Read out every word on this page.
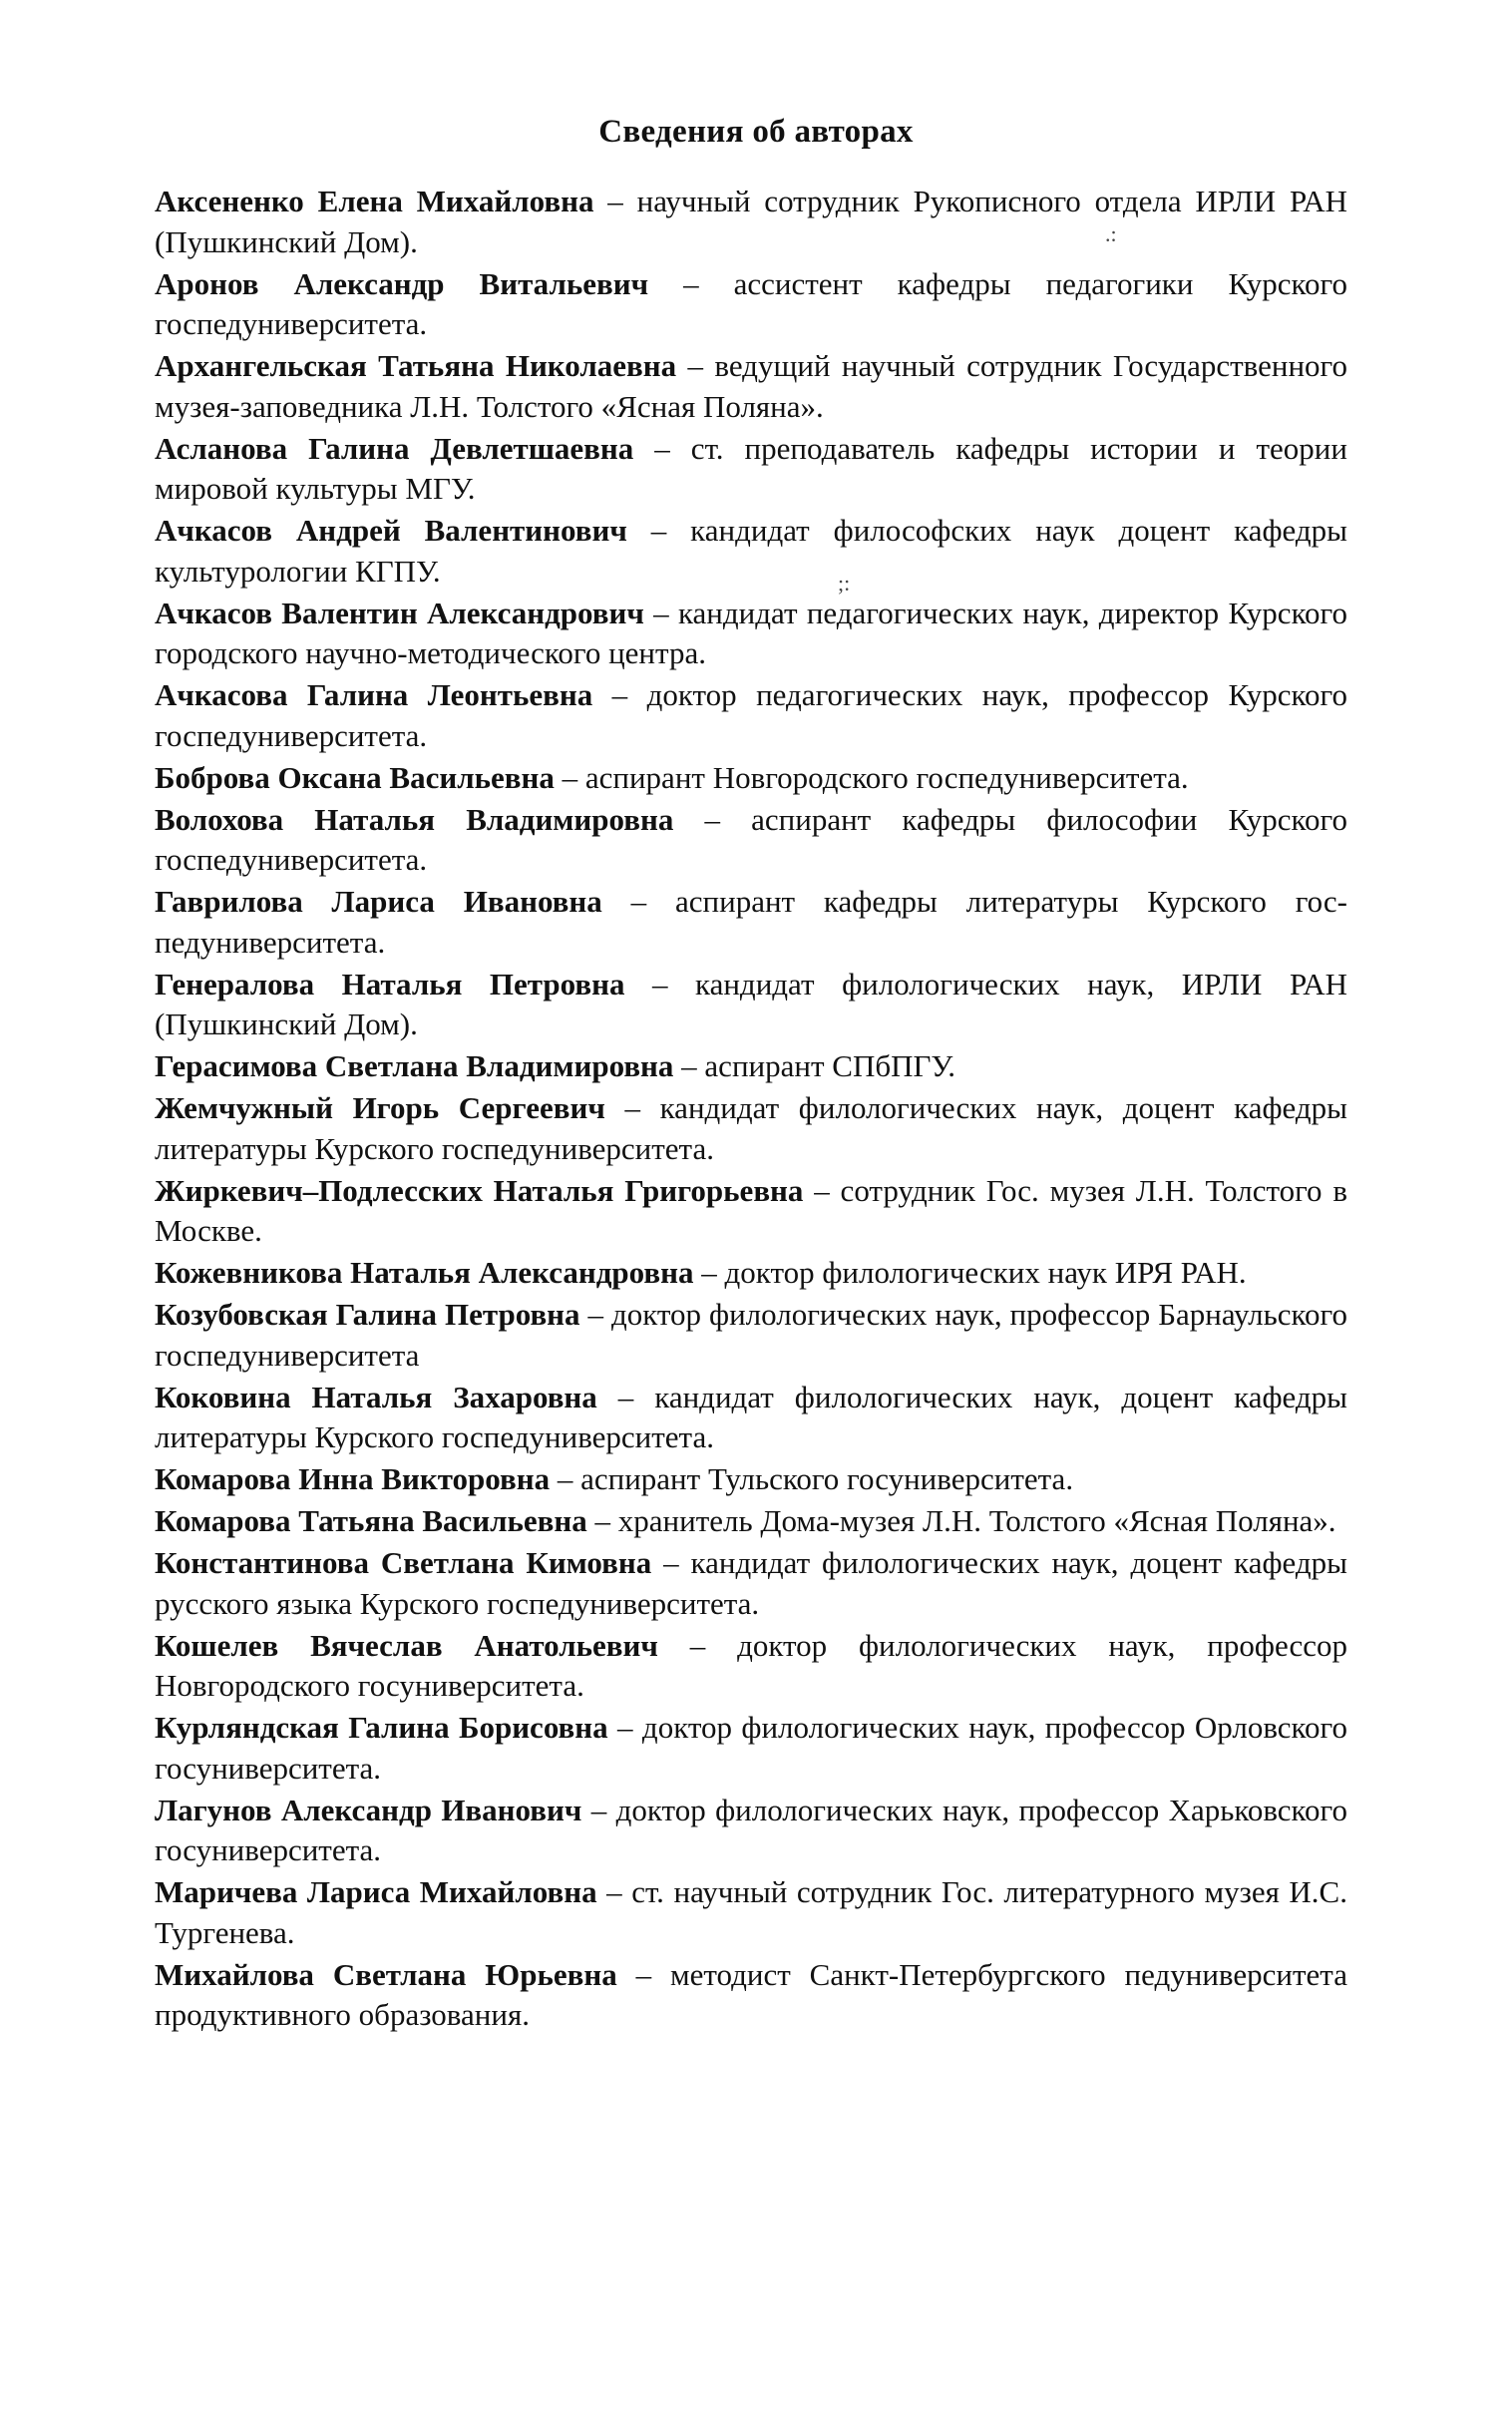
Сведения об авторах
Аксененко Елена Михайловна – научный сотрудник Рукописного отдела ИРЛИ РАН (Пушкинский Дом).
Аронов Александр Витальевич – ассистент кафедры педагогики Курского госпедуниверситета.
Архангельская Татьяна Николаевна – ведущий научный сотрудник Государственного музея-заповедника Л.Н. Толстого «Ясная Поляна».
Асланова Галина Девлетшаевна – ст. преподаватель кафедры истории и теории мировой культуры МГУ.
Ачкасов Андрей Валентинович – кандидат философских наук доцент кафедры культурологии КГПУ.
Ачкасов Валентин Александрович – кандидат педагогических наук, директор Курского городского научно-методического центра.
Ачкасова Галина Леонтьевна – доктор педагогических наук, профессор Курского госпедуниверситета.
Боброва Оксана Васильевна – аспирант Новгородского госпедуниверситета.
Волохова Наталья Владимировна – аспирант кафедры философии Курского госпедуниверситета.
Гаврилова Лариса Ивановна – аспирант кафедры литературы Курского госпедуниверситета.
Генералова Наталья Петровна – кандидат филологических наук, ИРЛИ РАН (Пушкинский Дом).
Герасимова Светлана Владимировна – аспирант СПбПГУ.
Жемчужный Игорь Сергеевич – кандидат филологических наук, доцент кафедры литературы Курского госпедуниверситета.
Жиркевич–Подлесских Наталья Григорьевна – сотрудник Гос. музея Л.Н. Толстого в Москве.
Кожевникова Наталья Александровна – доктор филологических наук ИРЯ РАН.
Козубовская Галина Петровна – доктор филологических наук, профессор Барнаульского госпедуниверситета
Коковина Наталья Захаровна – кандидат филологических наук, доцент кафедры литературы Курского госпедуниверситета.
Комарова Инна Викторовна – аспирант Тульского госуниверситета.
Комарова Татьяна Васильевна – хранитель Дома-музея Л.Н. Толстого «Ясная Поляна».
Константинова Светлана Кимовна – кандидат филологических наук, доцент кафедры русского языка Курского госпедуниверситета.
Кошелев Вячеслав Анатольевич – доктор филологических наук, профессор Новгородского госуниверситета.
Курляндская Галина Борисовна – доктор филологических наук, профессор Орловского госуниверситета.
Лагунов Александр Иванович – доктор филологических наук, профессор Харьковского госуниверситета.
Маричева Лариса Михайловна – ст. научный сотрудник Гос. литературного музея И.С. Тургенева.
Михайлова Светлана Юрьевна – методист Санкт-Петербургского педуниверситета продуктивного образования.
.:
;:
